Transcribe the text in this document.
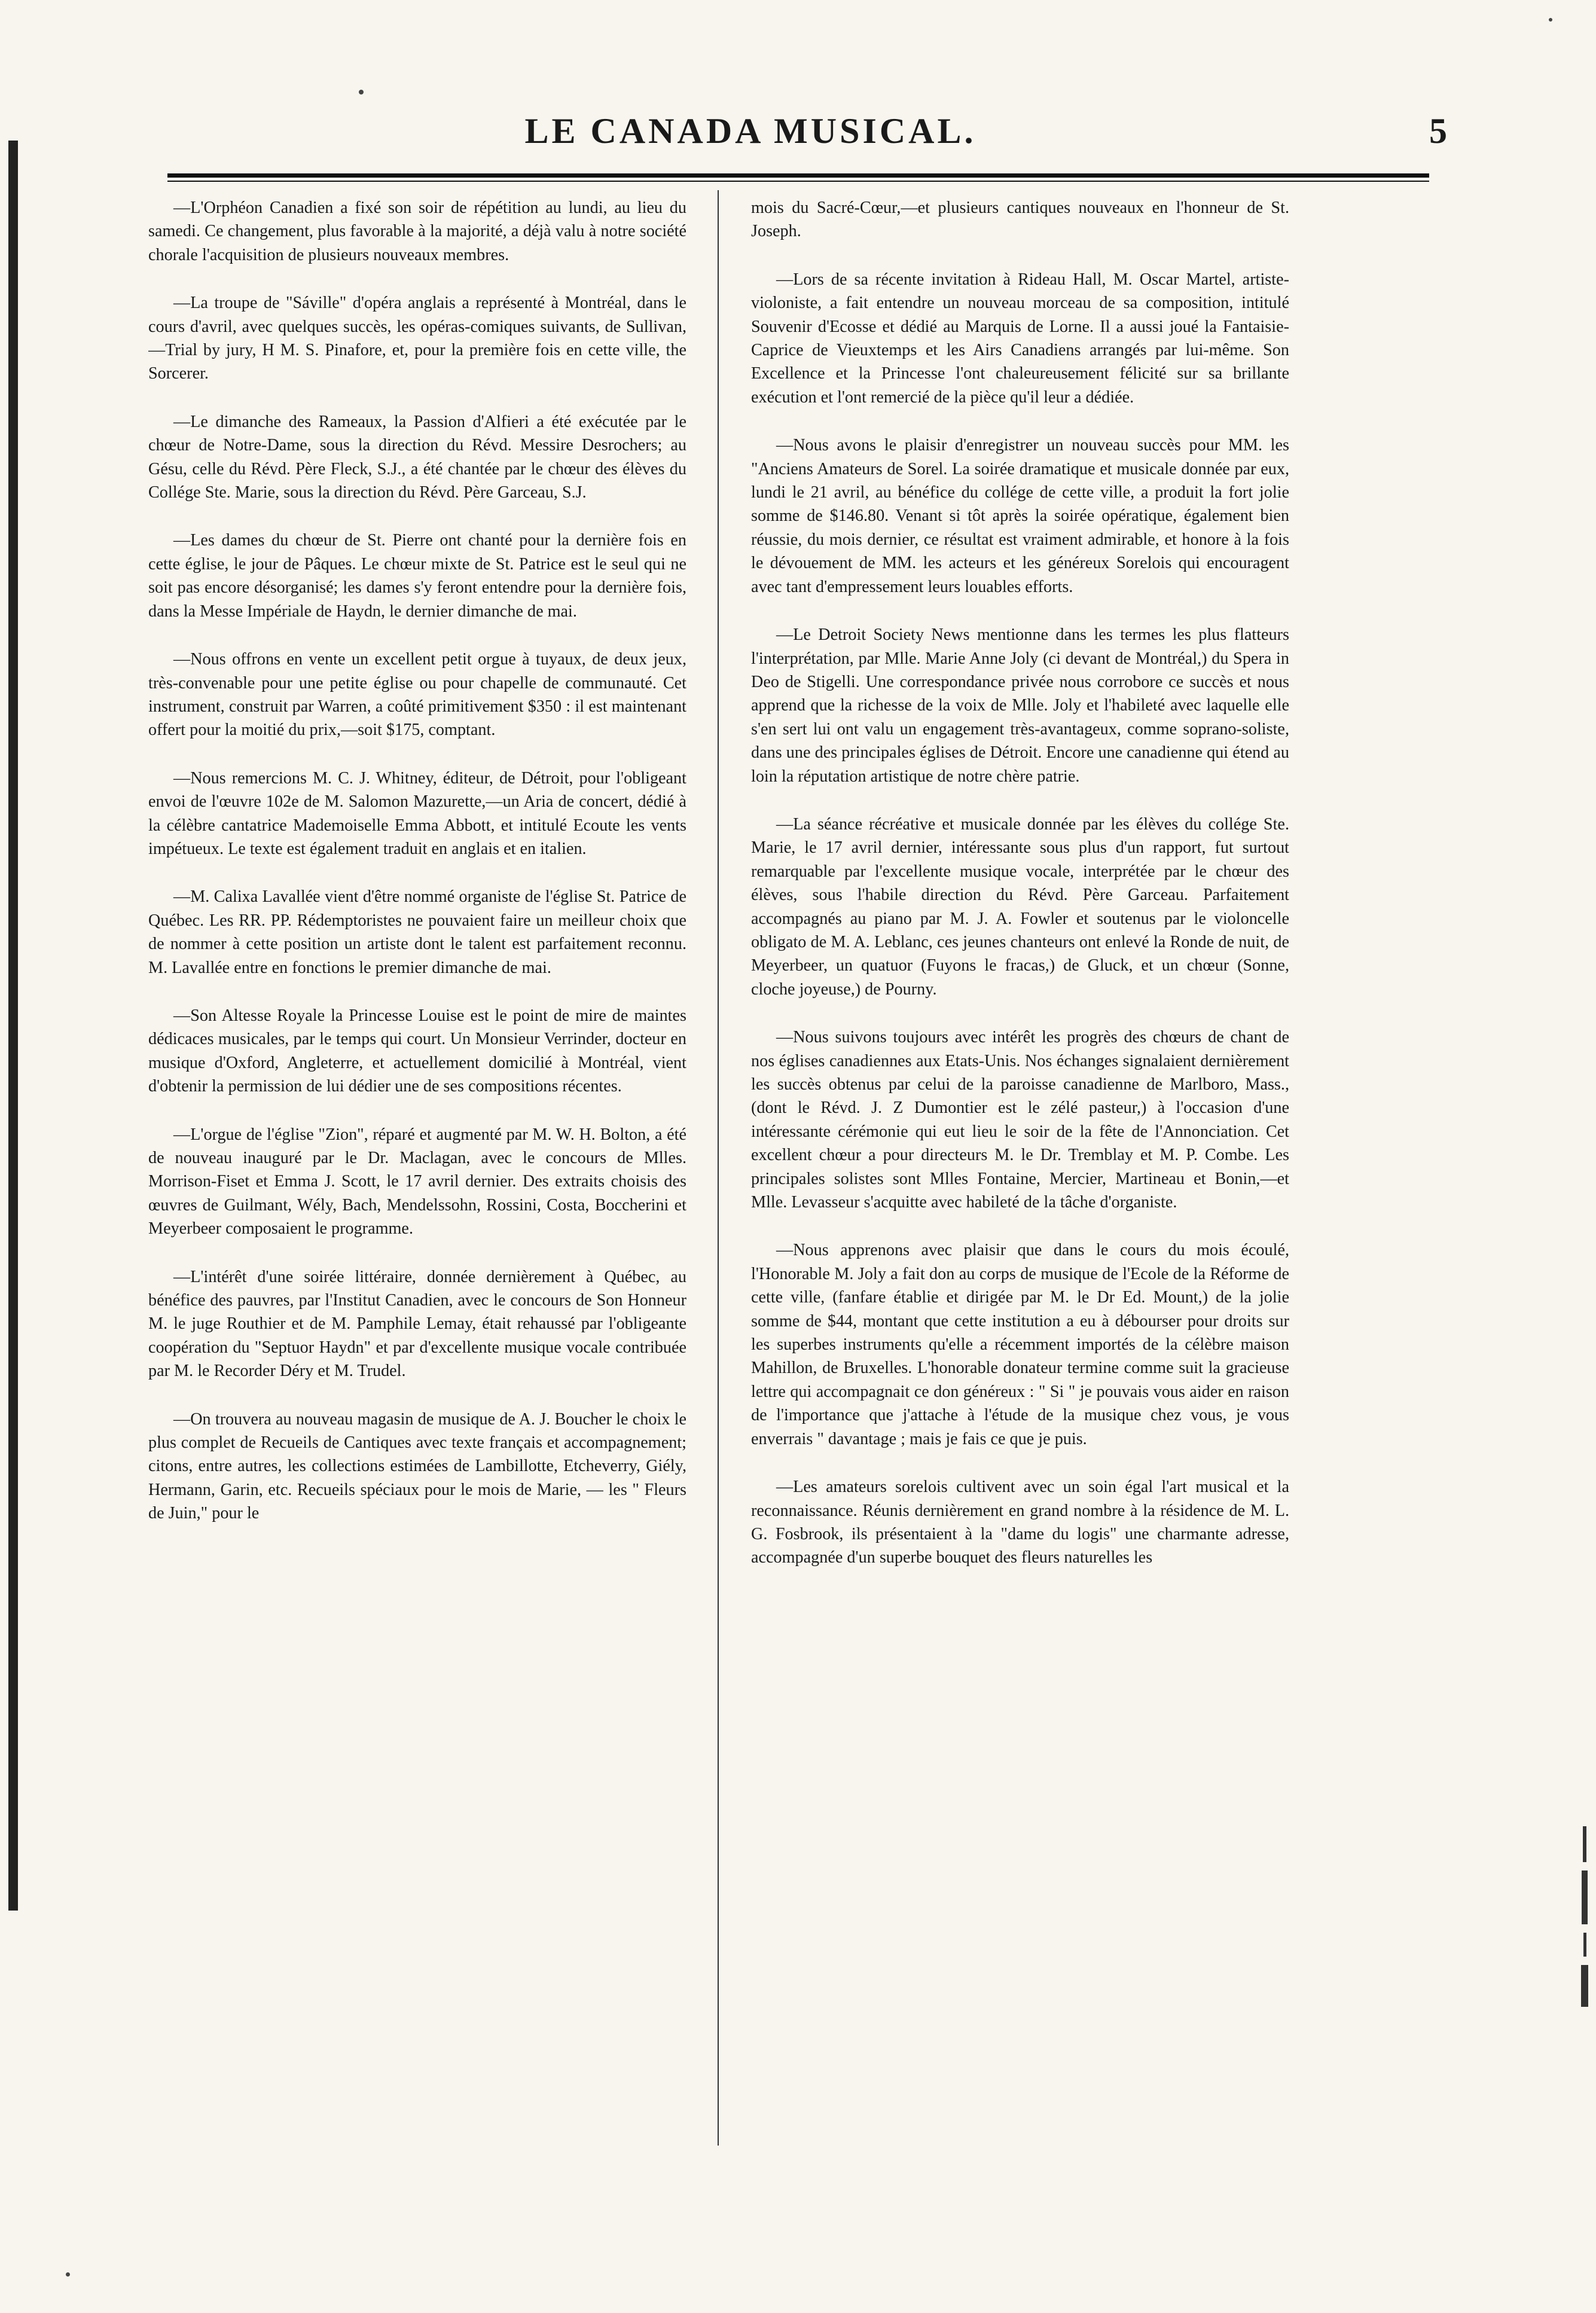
LE CANADA MUSICAL.	5

—L'Orphéon Canadien a fixé son soir de répétition au lundi, au lieu du samedi. Ce changement, plus favorable à la majorité, a déjà valu à notre société chorale l'acquisition de plusieurs nouveaux membres.

—La troupe de "Sáville" d'opéra anglais a représenté à Montréal, dans le cours d'avril, avec quelques succès, les opéras-comiques suivants, de Sullivan,—Trial by jury, H M. S. Pinafore, et, pour la première fois en cette ville, the Sorcerer.

—Le dimanche des Rameaux, la Passion d'Alfieri a été exécutée par le chœur de Notre-Dame, sous la direction du Révd. Messire Desrochers; au Gésu, celle du Révd. Père Fleck, S.J., a été chantée par le chœur des élèves du Collége Ste. Marie, sous la direction du Révd. Père Garceau, S.J.

—Les dames du chœur de St. Pierre ont chanté pour la dernière fois en cette église, le jour de Pâques. Le chœur mixte de St. Patrice est le seul qui ne soit pas encore désorganisé; les dames s'y feront entendre pour la dernière fois, dans la Messe Impériale de Haydn, le dernier dimanche de mai.

—Nous offrons en vente un excellent petit orgue à tuyaux, de deux jeux, très-convenable pour une petite église ou pour chapelle de communauté. Cet instrument, construit par Warren, a coûté primitivement $350 : il est maintenant offert pour la moitié du prix,—soit $175, comptant.

—Nous remercions M. C. J. Whitney, éditeur, de Détroit, pour l'obligeant envoi de l'œuvre 102e de M. Salomon Mazurette,—un Aria de concert, dédié à la célèbre cantatrice Mademoiselle Emma Abbott, et intitulé Ecoute les vents impétueux. Le texte est également traduit en anglais et en italien.

—M. Calixa Lavallée vient d'être nommé organiste de l'église St. Patrice de Québec. Les RR. PP. Rédemptoristes ne pouvaient faire un meilleur choix que de nommer à cette position un artiste dont le talent est parfaitement reconnu. M. Lavallée entre en fonctions le premier dimanche de mai.

—Son Altesse Royale la Princesse Louise est le point de mire de maintes dédicaces musicales, par le temps qui court. Un Monsieur Verrinder, docteur en musique d'Oxford, Angleterre, et actuellement domicilié à Montréal, vient d'obtenir la permission de lui dédier une de ses compositions récentes.

—L'orgue de l'église "Zion", réparé et augmenté par M. W. H. Bolton, a été de nouveau inauguré par le Dr. Maclagan, avec le concours de Mlles. Morrison-Fiset et Emma J. Scott, le 17 avril dernier. Des extraits choisis des œuvres de Guilmant, Wély, Bach, Mendelssohn, Rossini, Costa, Boccherini et Meyerbeer composaient le programme.

—L'intérêt d'une soirée littéraire, donnée dernièrement à Québec, au bénéfice des pauvres, par l'Institut Canadien, avec le concours de Son Honneur M. le juge Routhier et de M. Pamphile Lemay, était rehaussé par l'obligeante coopération du "Septuor Haydn" et par d'excellente musique vocale contribuée par M. le Recorder Déry et M. Trudel.

—On trouvera au nouveau magasin de musique de A. J. Boucher le choix le plus complet de Recueils de Cantiques avec texte français et accompagnement; citons, entre autres, les collections estimées de Lambillotte, Etcheverry, Giély, Hermann, Garin, etc. Recueils spéciaux pour le mois de Marie, — les " Fleurs de Juin," pour le

mois du Sacré-Cœur,—et plusieurs cantiques nouveaux en l'honneur de St. Joseph.

—Lors de sa récente invitation à Rideau Hall, M. Oscar Martel, artiste-violoniste, a fait entendre un nouveau morceau de sa composition, intitulé Souvenir d'Ecosse et dédié au Marquis de Lorne. Il a aussi joué la Fantaisie-Caprice de Vieuxtemps et les Airs Canadiens arrangés par lui-même. Son Excellence et la Princesse l'ont chaleureusement félicité sur sa brillante exécution et l'ont remercié de la pièce qu'il leur a dédiée.

—Nous avons le plaisir d'enregistrer un nouveau succès pour MM. les "Anciens Amateurs de Sorel. La soirée dramatique et musicale donnée par eux, lundi le 21 avril, au bénéfice du collége de cette ville, a produit la fort jolie somme de $146.80. Venant si tôt après la soirée opératique, également bien réussie, du mois dernier, ce résultat est vraiment admirable, et honore à la fois le dévouement de MM. les acteurs et les généreux Sorelois qui encouragent avec tant d'empressement leurs louables efforts.

—Le Detroit Society News mentionne dans les termes les plus flatteurs l'interprétation, par Mlle. Marie Anne Joly (ci devant de Montréal,) du Spera in Deo de Stigelli. Une correspondance privée nous corrobore ce succès et nous apprend que la richesse de la voix de Mlle. Joly et l'habileté avec laquelle elle s'en sert lui ont valu un engagement très-avantageux, comme soprano-soliste, dans une des principales églises de Détroit. Encore une canadienne qui étend au loin la réputation artistique de notre chère patrie.

—La séance récréative et musicale donnée par les élèves du collége Ste. Marie, le 17 avril dernier, intéressante sous plus d'un rapport, fut surtout remarquable par l'excellente musique vocale, interprétée par le chœur des élèves, sous l'habile direction du Révd. Père Garceau. Parfaitement accompagnés au piano par M. J. A. Fowler et soutenus par le violoncelle obligato de M. A. Leblanc, ces jeunes chanteurs ont enlevé la Ronde de nuit, de Meyerbeer, un quatuor (Fuyons le fracas,) de Gluck, et un chœur (Sonne, cloche joyeuse,) de Pourny.

—Nous suivons toujours avec intérêt les progrès des chœurs de chant de nos églises canadiennes aux Etats-Unis. Nos échanges signalaient dernièrement les succès obtenus par celui de la paroisse canadienne de Marlboro, Mass., (dont le Révd. J. Z Dumontier est le zélé pasteur,) à l'occasion d'une intéressante cérémonie qui eut lieu le soir de la fête de l'Annonciation. Cet excellent chœur a pour directeurs M. le Dr. Tremblay et M. P. Combe. Les principales solistes sont Mlles Fontaine, Mercier, Martineau et Bonin,—et Mlle. Levasseur s'acquitte avec habileté de la tâche d'organiste.

—Nous apprenons avec plaisir que dans le cours du mois écoulé, l'Honorable M. Joly a fait don au corps de musique de l'Ecole de la Réforme de cette ville, (fanfare établie et dirigée par M. le Dr Ed. Mount,) de la jolie somme de $44, montant que cette institution a eu à débourser pour droits sur les superbes instruments qu'elle a récemment importés de la célèbre maison Mahillon, de Bruxelles. L'honorable donateur termine comme suit la gracieuse lettre qui accompagnait ce don généreux : " Si " je pouvais vous aider en raison de l'importance que j'attache à l'étude de la musique chez vous, je vous enverrais " davantage ; mais je fais ce que je puis.

—Les amateurs sorelois cultivent avec un soin égal l'art musical et la reconnaissance. Réunis dernièrement en grand nombre à la résidence de M. L. G. Fosbrook, ils présentaient à la "dame du logis" une charmante adresse, accompagnée d'un superbe bouquet des fleurs naturelles les
